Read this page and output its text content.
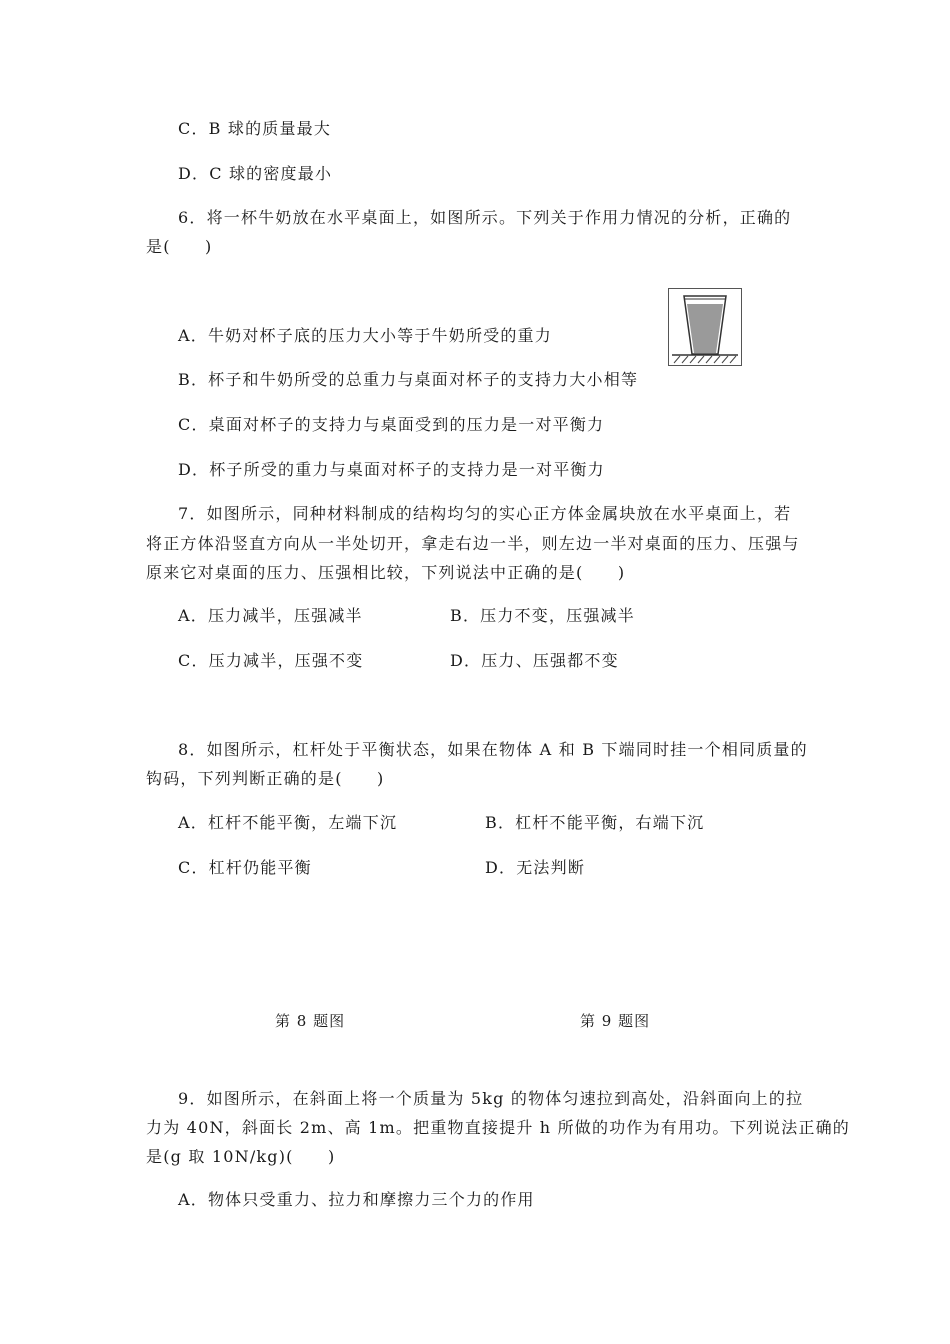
C．B 球的质量最大
D．C 球的密度最小
6．将一杯牛奶放在水平桌面上，如图所示。下列关于作用力情况的分析，正确的
是(　　)
A．牛奶对杯子底的压力大小等于牛奶所受的重力
B．杯子和牛奶所受的总重力与桌面对杯子的支持力大小相等
C．桌面对杯子的支持力与桌面受到的压力是一对平衡力
D．杯子所受的重力与桌面对杯子的支持力是一对平衡力
7．如图所示，同种材料制成的结构均匀的实心正方体金属块放在水平桌面上，若
将正方体沿竖直方向从一半处切开，拿走右边一半，则左边一半对桌面的压力、压强与
原来它对桌面的压力、压强相比较，下列说法中正确的是(　　)
A．压力减半，压强减半	B．压力不变，压强减半
C．压力减半，压强不变	D．压力、压强都不变
8．如图所示，杠杆处于平衡状态，如果在物体 A 和 B 下端同时挂一个相同质量的
钩码，下列判断正确的是(　　)
A．杠杆不能平衡，左端下沉	B．杠杆不能平衡，右端下沉
C．杠杆仍能平衡	D．无法判断
第 8 题图	第 9 题图
9．如图所示，在斜面上将一个质量为 5kg 的物体匀速拉到高处，沿斜面向上的拉
力为 40N，斜面长 2m、高 1m。把重物直接提升 h 所做的功作为有用功。下列说法正确的
是(g 取 10N/kg)(　　)
A．物体只受重力、拉力和摩擦力三个力的作用
